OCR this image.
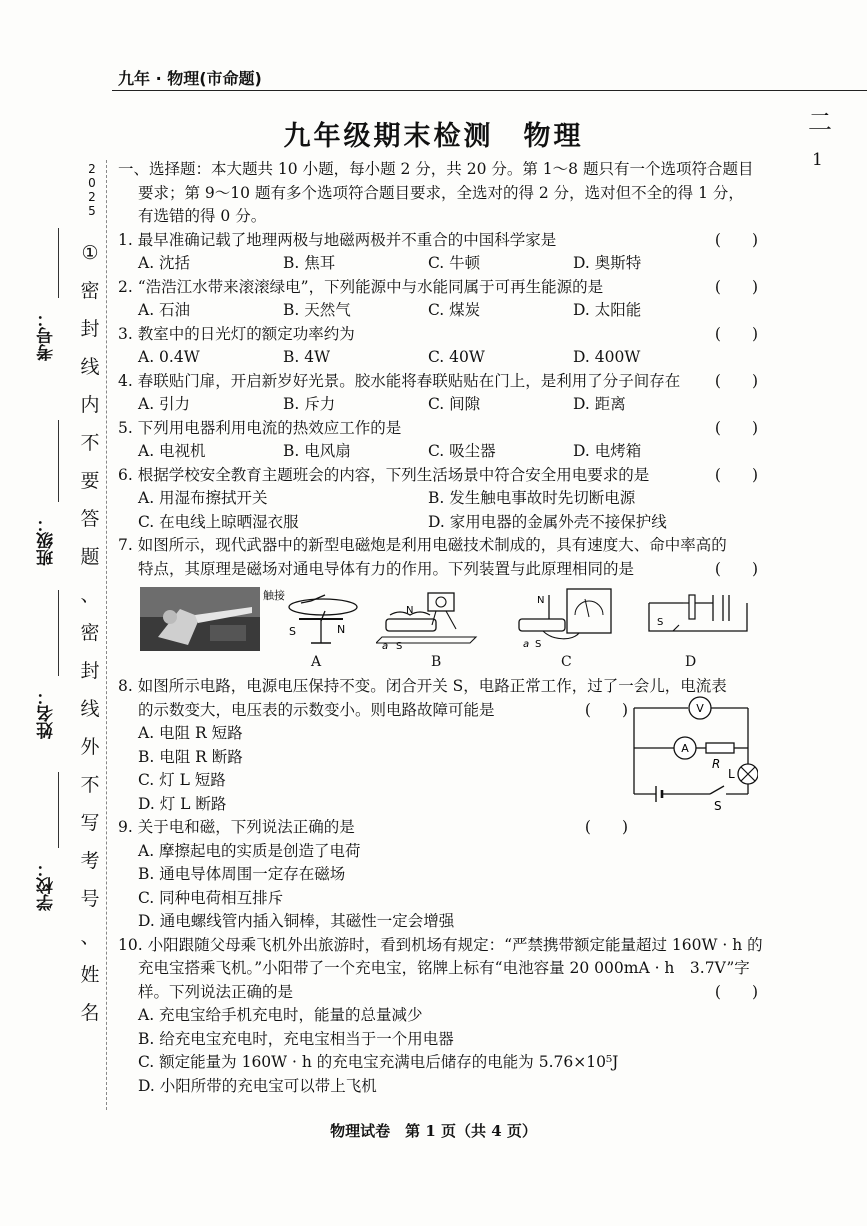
九年 · 物理(市命题)
九年级期末检测　物理	二
1
2
0
2
5
①
密
封
线
内
不
要
答
题
、
密
封
线
外
不
写
考
号
、
姓
名
考号：
班级：
姓名：
学校：
一、选择题：本大题共 10 小题，每小题 2 分，共 20 分。第 1～8 题只有一个选项符合题目
要求；第 9～10 题有多个选项符合题目要求，全选对的得 2 分，选对但不全的得 1 分，
有选错的得 0 分。
1. 最早准确记载了地理两极与地磁两极并不重合的中国科学家是	(　　)
A. 沈括	B. 焦耳	C. 牛顿	D. 奥斯特
2. “浩浩江水带来滚滚绿电”，下列能源中与水能同属于可再生能源的是	(　　)
A. 石油	B. 天然气	C. 煤炭	D. 太阳能
3. 教室中的日光灯的额定功率约为	(　　)
A. 0.4W	B. 4W	C. 40W	D. 400W
4. 春联贴门扉，开启新岁好光景。胶水能将春联贴贴在门上，是利用了分子间存在 (　　)
A. 引力	B. 斥力	C. 间隙	D. 距离
5. 下列用电器利用电流的热效应工作的是	(　　)
A. 电视机	B. 电风扇	C. 吸尘器	D. 电烤箱
6. 根据学校安全教育主题班会的内容，下列生活场景中符合安全用电要求的是	(　　)
A. 用湿布擦拭开关	B. 发生触电事故时先切断电源
C. 在电线上晾晒湿衣服	D. 家用电器的金属外壳不接保护线
7. 如图所示，现代武器中的新型电磁炮是利用电磁技术制成的，具有速度大、命中率高的
特点，其原理是磁场对通电导体有力的作用。下列装置与此原理相同的是	(　　)
触接
S	N
N
a S
N
a S
S
A	B	C	D
8. 如图所示电路，电源电压保持不变。闭合开关 S，电路正常工作，过了一会儿，电流表
的示数变大，电压表的示数变小。则电路故障可能是	(　　)
A. 电阻 R 短路
B. 电阻 R 断路
C. 灯 L 短路
D. 灯 L 断路
V
A
R
L
S
9. 关于电和磁，下列说法正确的是	(　　)
A. 摩擦起电的实质是创造了电荷
B. 通电导体周围一定存在磁场
C. 同种电荷相互排斥
D. 通电螺线管内插入铜棒，其磁性一定会增强
10. 小阳跟随父母乘飞机外出旅游时，看到机场有规定：“严禁携带额定能量超过 160W · h 的
充电宝搭乘飞机。”小阳带了一个充电宝，铭牌上标有“电池容量 20 000mA · h　3.7V”字
样。下列说法正确的是	(　　)
A. 充电宝给手机充电时，能量的总量减少
B. 给充电宝充电时，充电宝相当于一个用电器
C. 额定能量为 160W · h 的充电宝充满电后储存的电能为 5.76×10⁵J
D. 小阳所带的充电宝可以带上飞机
物理试卷　第 1 页（共 4 页）
